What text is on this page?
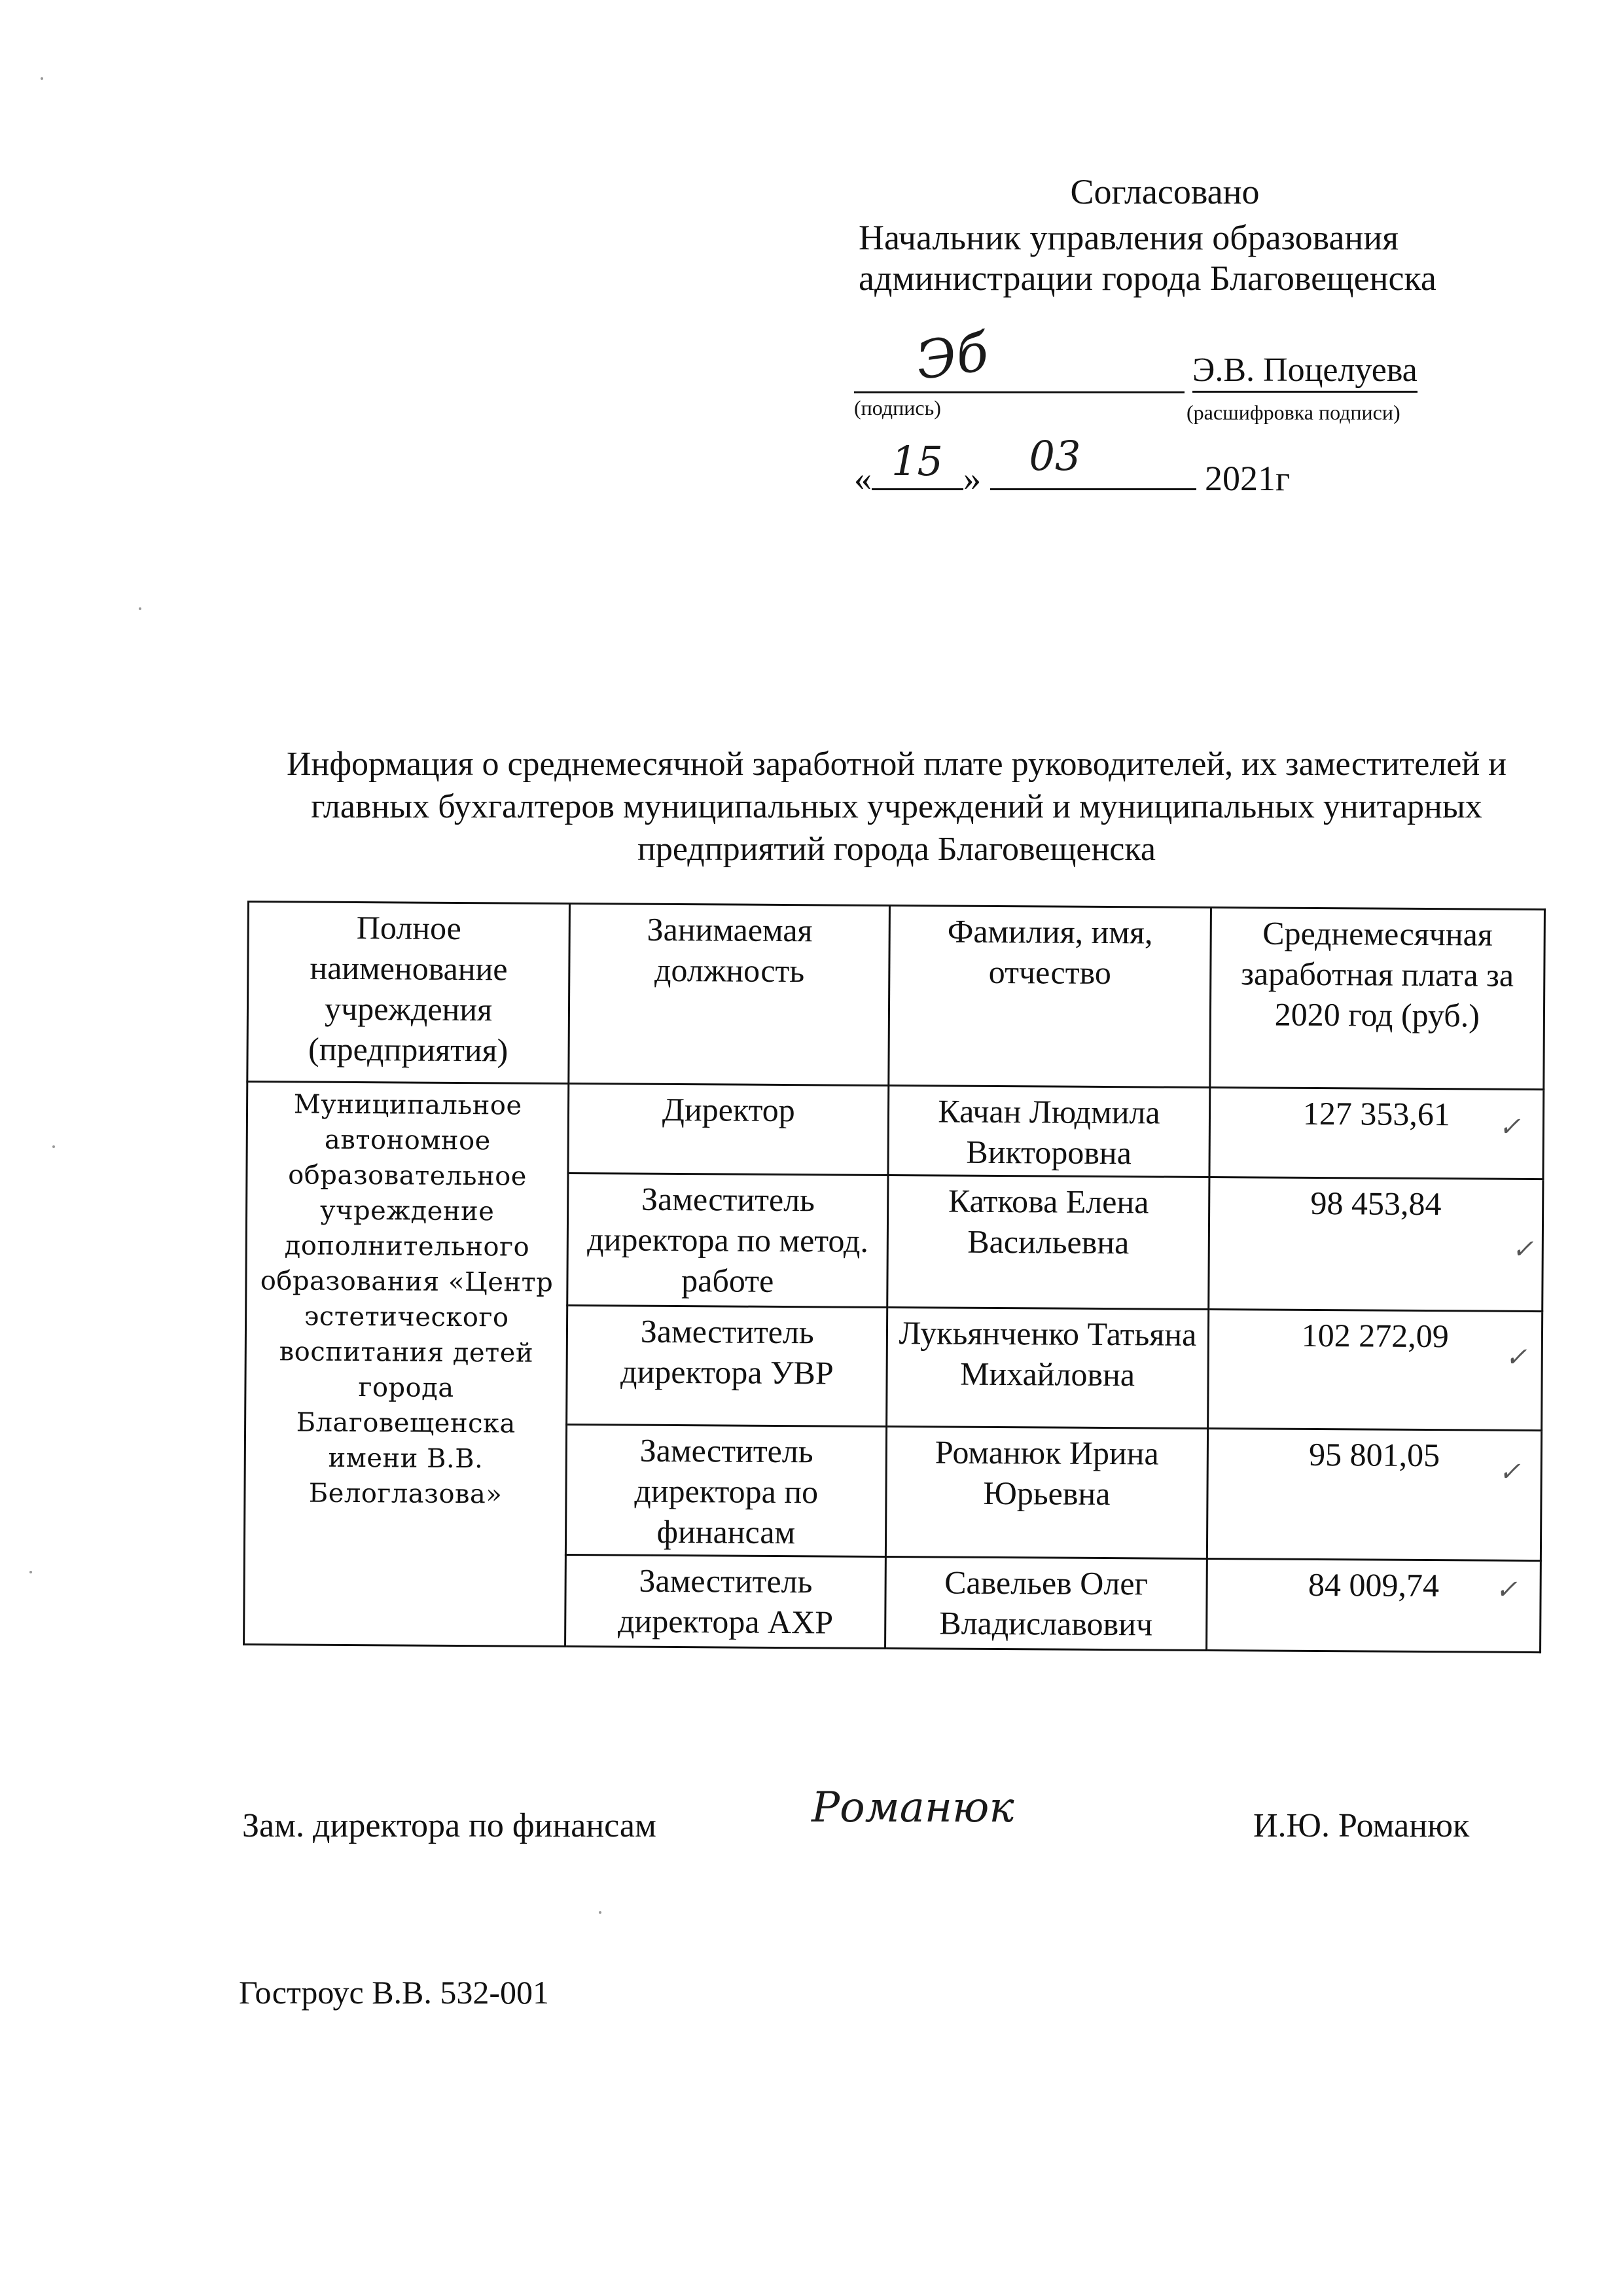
Согласовано
Начальник управления образования
администрации города Благовещенска
Эб	Э.В. Поцелуева
(подпись)	(расшифровка подписи)
« 15 » 03	2021г
Информация о среднемесячной заработной плате руководителей, их заместителей и главных бухгалтеров муниципальных учреждений и муниципальных унитарных предприятий города Благовещенска
Полное наименование учреждения (предприятия)	Занимаемая должность	Фамилия, имя, отчество	Среднемесячная заработная плата за 2020 год (руб.)
Муниципальное автономное образовательное учреждение дополнительного образования «Центр эстетического воспитания детей города Благовещенска имени В.В. Белоглазова»	Директор	Качан Людмила Викторовна	127 353,61
	Заместитель директора по метод. работе	Каткова Елена Васильевна	98 453,84
	Заместитель директора УВР	Лукьянченко Татьяна Михайловна	102 272,09
	Заместитель директора по финансам	Романюк Ирина Юрьевна	95 801,05
	Заместитель директора АХР	Савельев Олег Владиславович	84 009,74
✓
✓
✓
✓
✓
Зам. директора по финансам	Романюк	И.Ю. Романюк
Гостроус В.В. 532-001
